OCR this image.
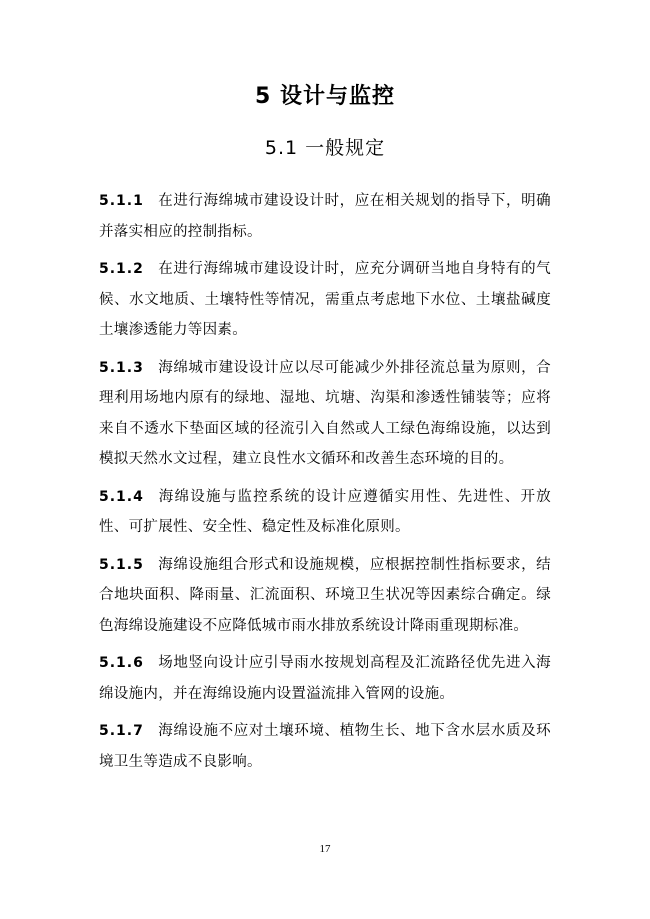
5 设计与监控
5.1 一般规定

5.1.1 在进行海绵城市建设设计时，应在相关规划的指导下，明确并落实相应的控制指标。

5.1.2 在进行海绵城市建设设计时，应充分调研当地自身特有的气候、水文地质、土壤特性等情况，需重点考虑地下水位、土壤盐碱度土壤渗透能力等因素。

5.1.3 海绵城市建设设计应以尽可能减少外排径流总量为原则，合理利用场地内原有的绿地、湿地、坑塘、沟渠和渗透性铺装等；应将来自不透水下垫面区域的径流引入自然或人工绿色海绵设施，以达到模拟天然水文过程，建立良性水文循环和改善生态环境的目的。

5.1.4 海绵设施与监控系统的设计应遵循实用性、先进性、开放性、可扩展性、安全性、稳定性及标准化原则。

5.1.5 海绵设施组合形式和设施规模，应根据控制性指标要求，结合地块面积、降雨量、汇流面积、环境卫生状况等因素综合确定。绿色海绵设施建设不应降低城市雨水排放系统设计降雨重现期标准。

5.1.6 场地竖向设计应引导雨水按规划高程及汇流路径优先进入海绵设施内，并在海绵设施内设置溢流排入管网的设施。

5.1.7 海绵设施不应对土壤环境、植物生长、地下含水层水质及环境卫生等造成不良影响。

17
